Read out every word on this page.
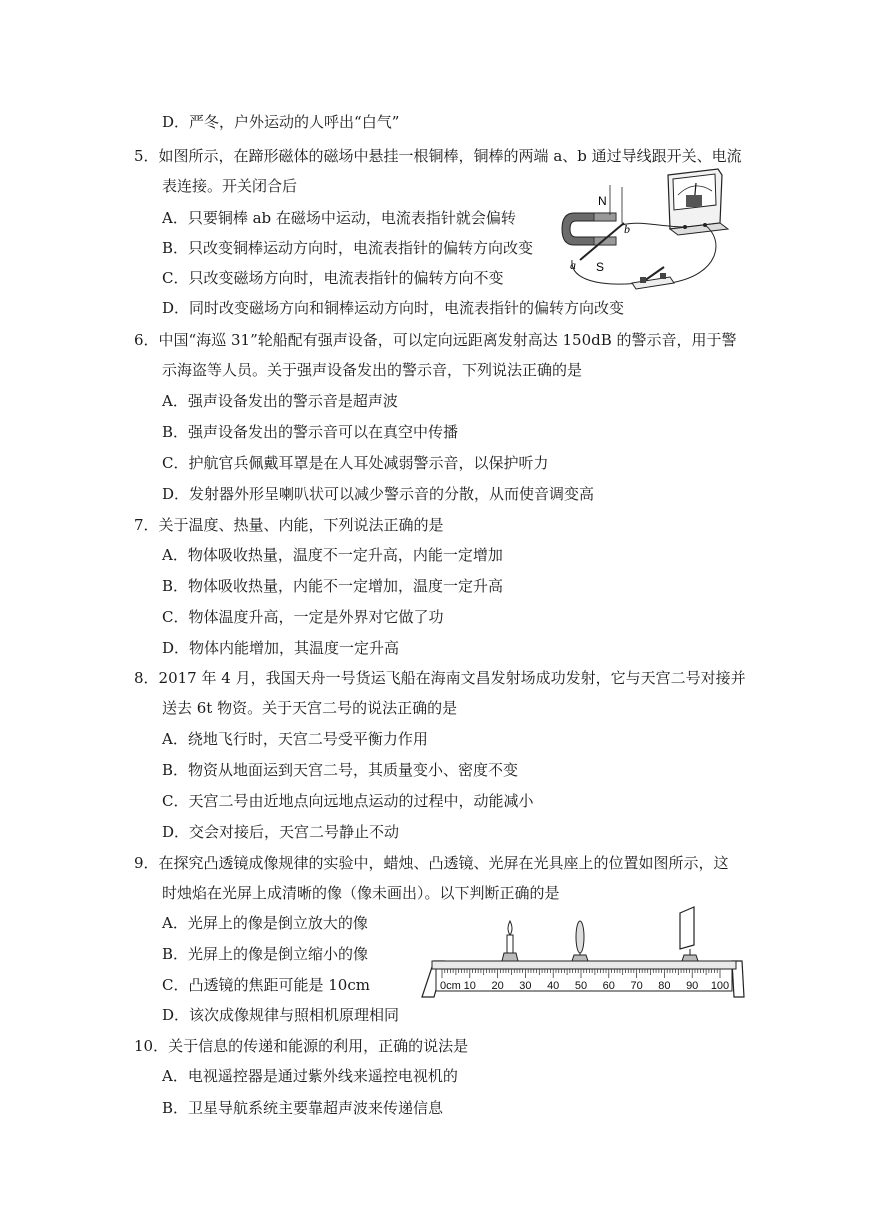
D．严冬，户外运动的人呼出“白气”
5．如图所示，在蹄形磁体的磁场中悬挂一根铜棒，铜棒的两端 a、b 通过导线跟开关、电流
表连接。开关闭合后
A．只要铜棒 ab 在磁场中运动，电流表指针就会偏转
B．只改变铜棒运动方向时，电流表指针的偏转方向改变
C．只改变磁场方向时，电流表指针的偏转方向不变
D．同时改变磁场方向和铜棒运动方向时，电流表指针的偏转方向改变
N
S
a
b
6．中国“海巡 31”轮船配有强声设备，可以定向远距离发射高达 150dB 的警示音，用于警
示海盗等人员。关于强声设备发出的警示音，下列说法正确的是
A．强声设备发出的警示音是超声波
B．强声设备发出的警示音可以在真空中传播
C．护航官兵佩戴耳罩是在人耳处减弱警示音，以保护听力
D．发射器外形呈喇叭状可以减少警示音的分散，从而使音调变高
7．关于温度、热量、内能，下列说法正确的是
A．物体吸收热量，温度不一定升高，内能一定增加
B．物体吸收热量，内能不一定增加，温度一定升高
C．物体温度升高，一定是外界对它做了功
D．物体内能增加，其温度一定升高
8．2017 年 4 月，我国天舟一号货运飞船在海南文昌发射场成功发射，它与天宫二号对接并
送去 6t 物资。关于天宫二号的说法正确的是
A．绕地飞行时，天宫二号受平衡力作用
B．物资从地面运到天宫二号，其质量变小、密度不变
C．天宫二号由近地点向远地点运动的过程中，动能减小
D．交会对接后，天宫二号静止不动
9．在探究凸透镜成像规律的实验中，蜡烛、凸透镜、光屏在光具座上的位置如图所示，这
时烛焰在光屏上成清晰的像（像未画出）。以下判断正确的是
A．光屏上的像是倒立放大的像
B．光屏上的像是倒立缩小的像
C．凸透镜的焦距可能是 10cm
D．该次成像规律与照相机原理相同
0cm 10 20 30 40 50 60 70 80 90 100
10．关于信息的传递和能源的利用，正确的说法是
A．电视遥控器是通过紫外线来遥控电视机的
B．卫星导航系统主要靠超声波来传递信息
